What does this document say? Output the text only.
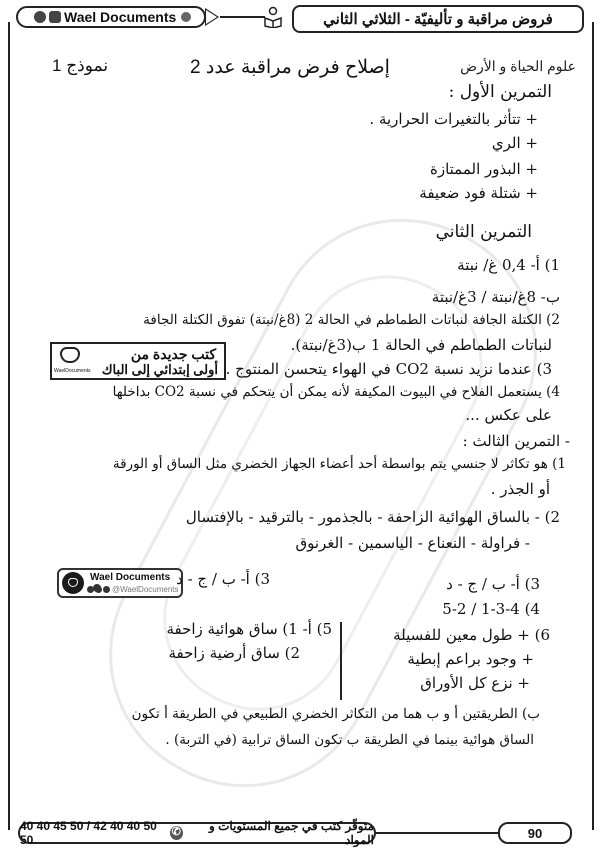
Wael Documents	فروض مراقبة و تأليفيّة - الثلاثي الثاني
علوم الحياة و الأرض
إصلاح فرض مراقبة عدد 2
نموذج 1
التمرين الأول :
+ تتأثر بالتغيرات الحرارية .
+ الري
+ البذور الممتازة
+ شتلة فود ضعيفة
التمرين الثاني
1) أ- 0,4 غ/ نبتة
ب- 8غ/نبتة / 3غ/نبتة
2) الكتلة الجافة لنباتات الطماطم في الحالة 2 (8غ/نبتة) تفوق الكتلة الجافة
لنباتات الطماطم في الحالة 1 ب(3غ/نبتة).
3) عندما نزيد نسبة CO2 في الهواء يتحسن المنتوج .
4) يستعمل الفلاح في البيوت المكيفة لأنه يمكن أن يتحكم في نسبة CO2 بداخلها
على عكس ...
WaelDocuments
كتب جديدة من
أولى إبتدائي إلى الباك
- التمرين الثالث :
1) هو تكاثر لا جنسي يتم بواسطة أحد أعضاء الجهاز الخضري مثل الساق أو الورقة
أو الجذر .
2) - بالساق الهوائية الزاحفة - بالجذمور - بالترقيد - بالإفتسال
- فراولة - النعناع - الياسمين - الغرنوق
Wael Documents
@WaelDocuments
3) أ- ب / ج - د	3) أ- ب / ج - د
4) 1-3-4 / 5-2
6) + طول معين للفسيلة
+ وجود براعم إبطية
+ نزع كل الأوراق
5) أ- 1) ساق هوائية زاحفة
2) ساق أرضية زاحفة
ب) الطريقتين أ و ب هما من التكاثر الخضري الطبيعي في الطريقة أ تكون
الساق هوائية بينما في الطريقة ب تكون الساق ترابية (في التربة) .
40 40 45 50 / 42 40 40 50 50
✆
متوفّر كتب في جميع المستويات و المواد	90
